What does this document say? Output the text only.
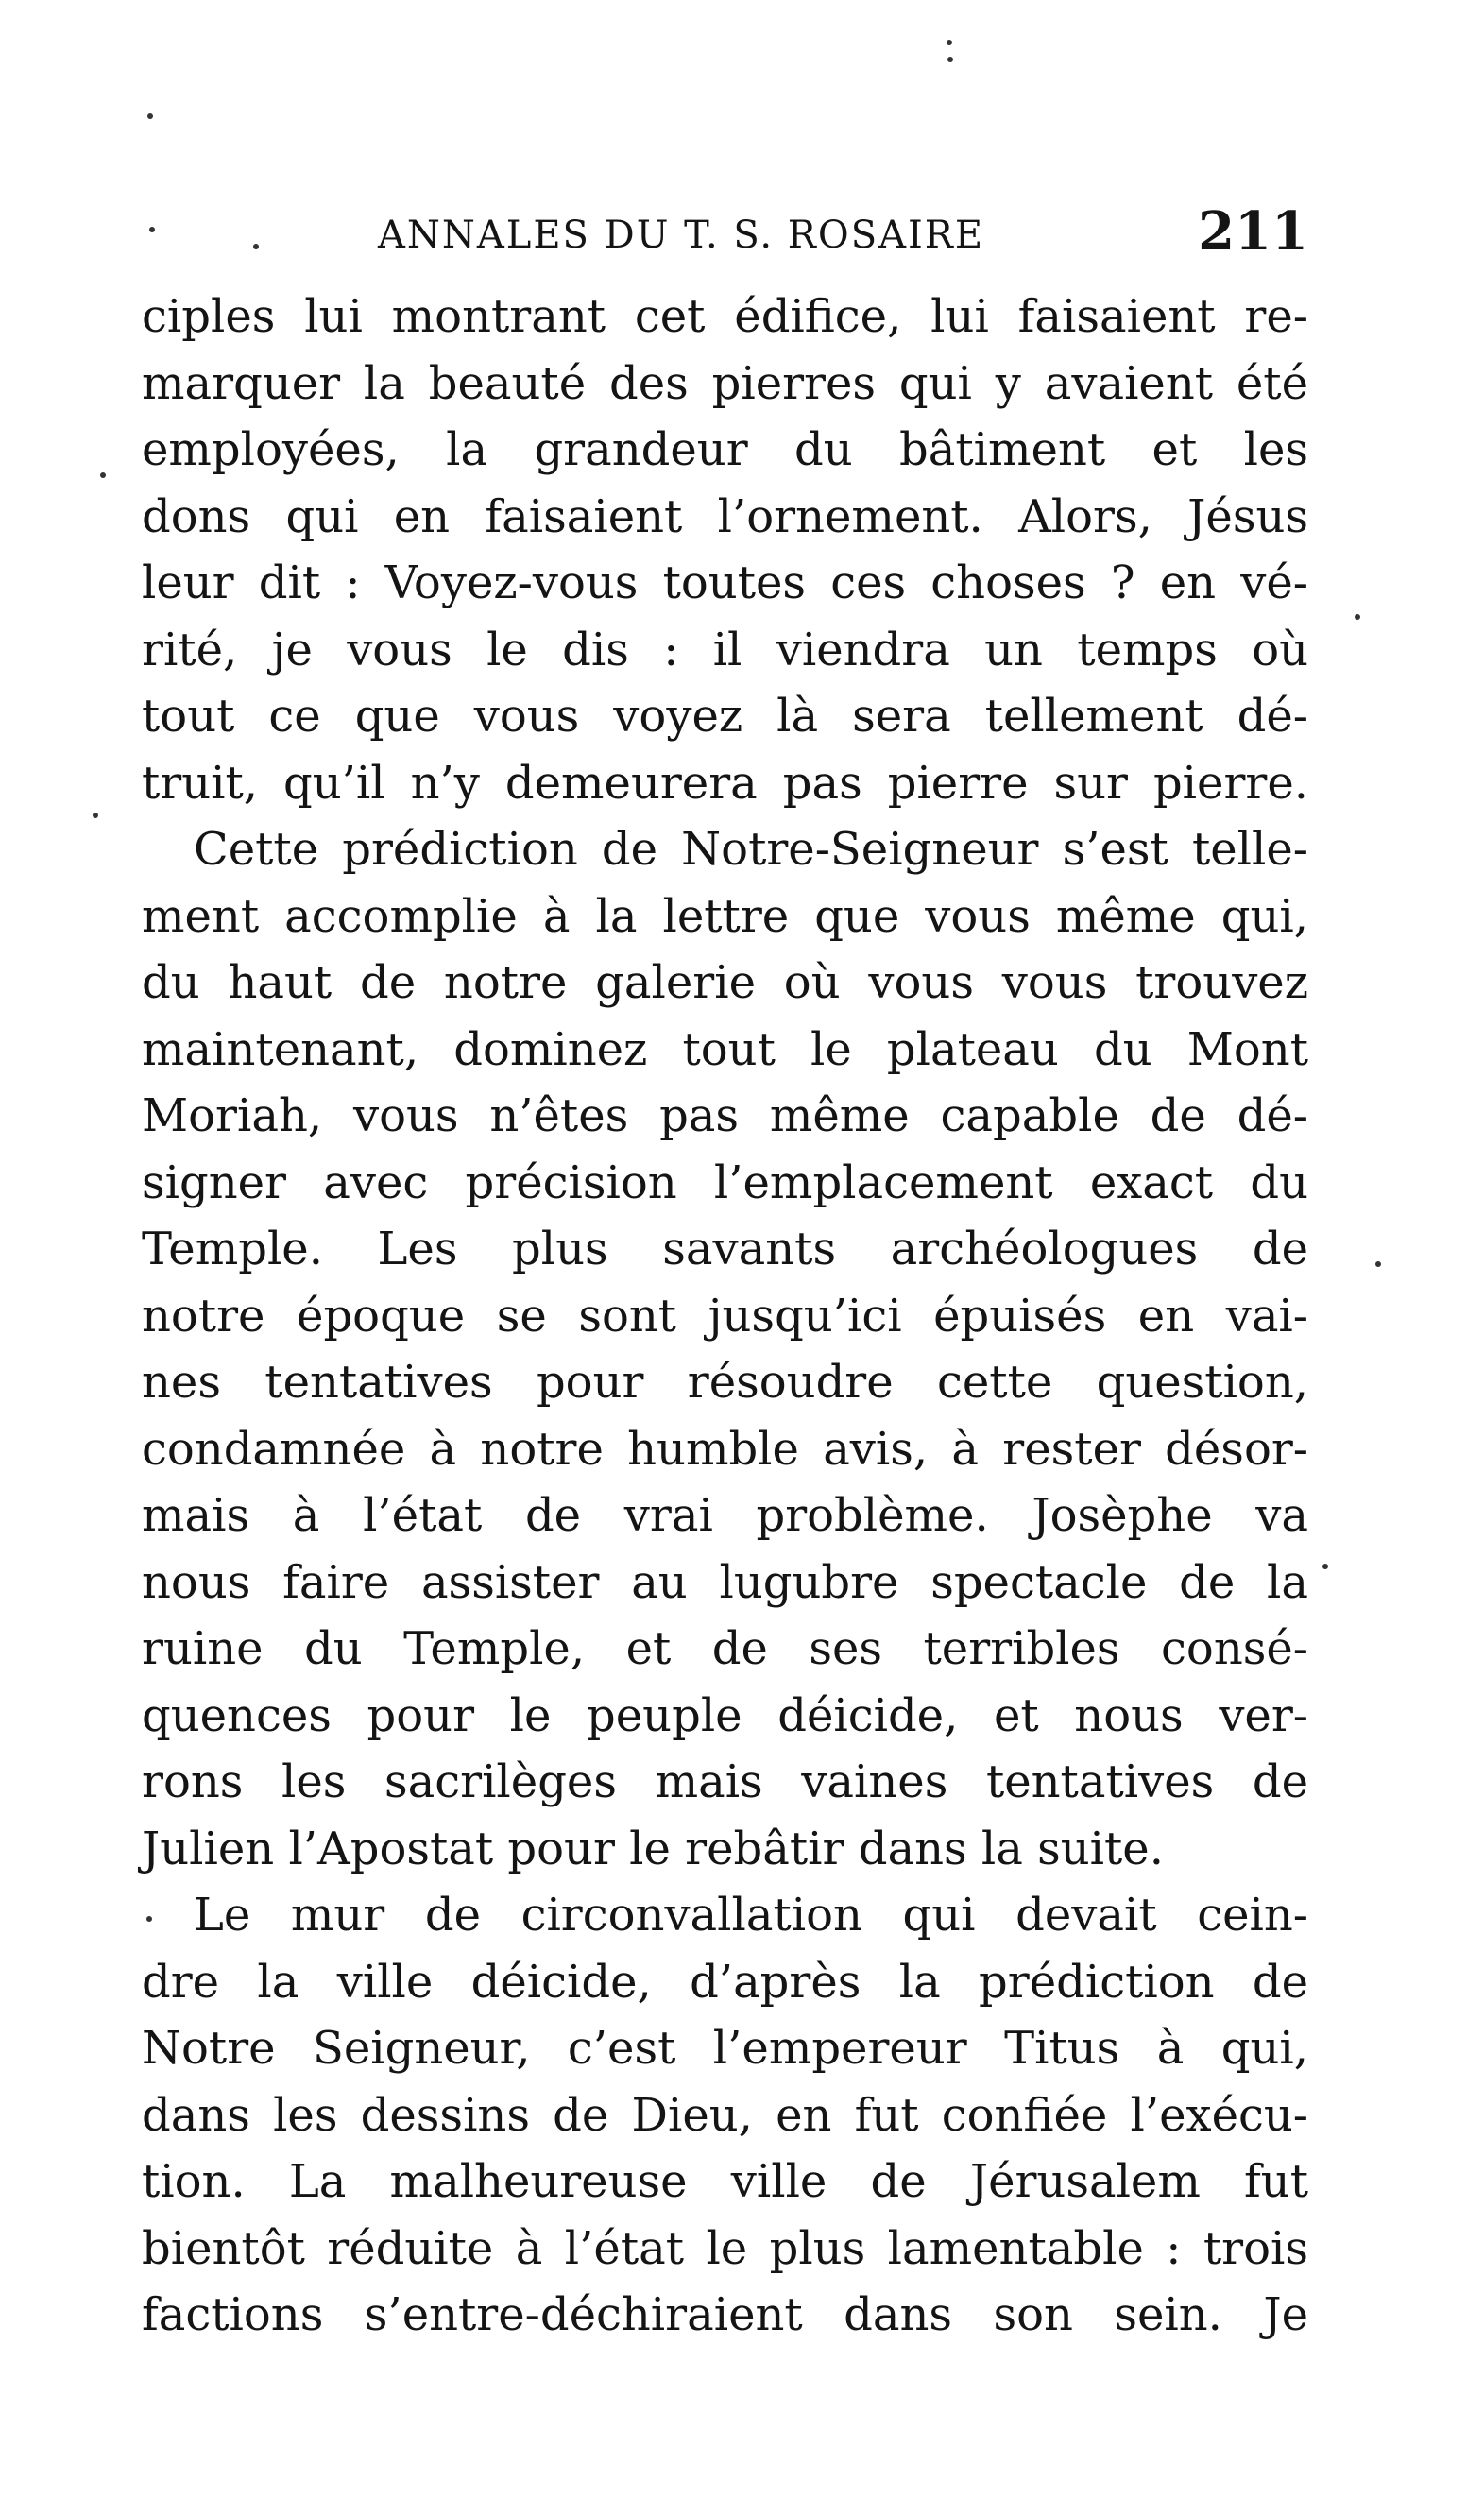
ANNALES DU T. S. ROSAIRE	211
ciples lui montrant cet édifice, lui faisaient re-
marquer la beauté des pierres qui y avaient été
employées, la grandeur du bâtiment et les
dons qui en faisaient l’ornement. Alors, Jésus
leur dit : Voyez-vous toutes ces choses ? en vé-
rité, je vous le dis : il viendra un temps où
tout ce que vous voyez là sera tellement dé-
truit, qu’il n’y demeurera pas pierre sur pierre.
Cette prédiction de Notre-Seigneur s’est telle-
ment accomplie à la lettre que vous même qui,
du haut de notre galerie où vous vous trouvez
maintenant, dominez tout le plateau du Mont
Moriah, vous n’êtes pas même capable de dé-
signer avec précision l’emplacement exact du
Temple. Les plus savants archéologues de
notre époque se sont jusqu’ici épuisés en vai-
nes tentatives pour résoudre cette question,
condamnée à notre humble avis, à rester désor-
mais à l’état de vrai problème. Josèphe va
nous faire assister au lugubre spectacle de la
ruine du Temple, et de ses terribles consé-
quences pour le peuple déicide, et nous ver-
rons les sacrilèges mais vaines tentatives de
Julien l’Apostat pour le rebâtir dans la suite.
Le mur de circonvallation qui devait cein-
dre la ville déicide, d’après la prédiction de
Notre Seigneur, c’est l’empereur Titus à qui,
dans les dessins de Dieu, en fut confiée l’exécu-
tion. La malheureuse ville de Jérusalem fut
bientôt réduite à l’état le plus lamentable : trois
factions s’entre-déchiraient dans son sein. Je
